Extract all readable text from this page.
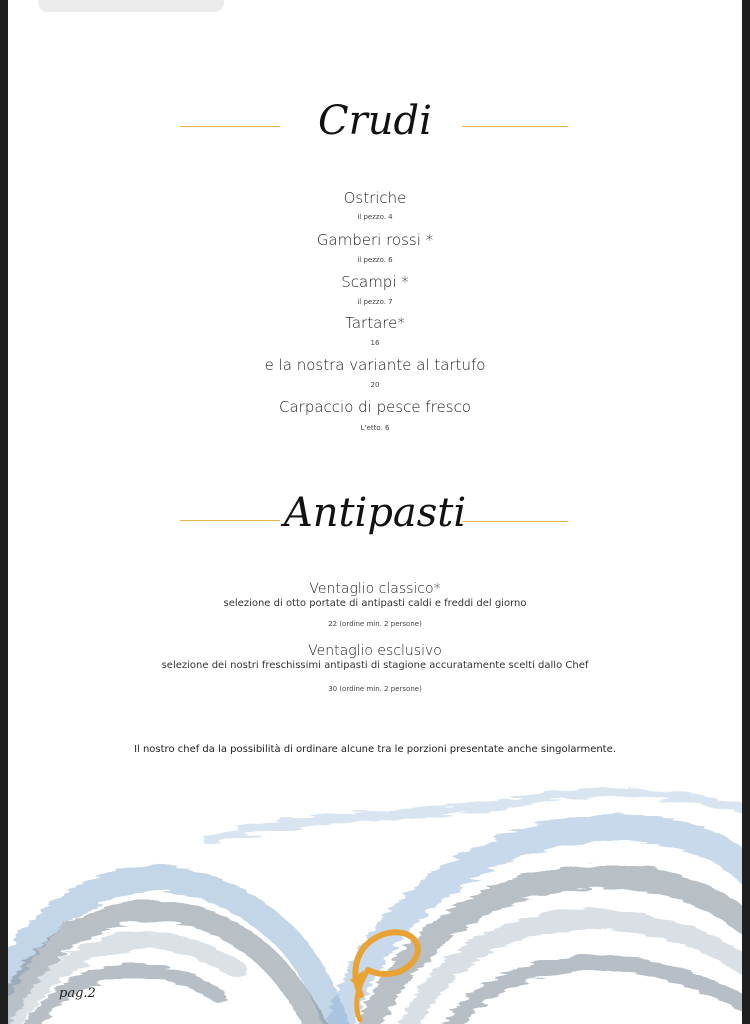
Crudi
Ostriche
il pezzo. 4
Gamberi rossi *
il pezzo. 6
Scampi *
il pezzo. 7
Tartare*
16
e la nostra variante al tartufo
20
Carpaccio di pesce fresco
L’etto. 6
Antipasti
Ventaglio classico*
selezione di otto portate di antipasti caldi e freddi del giorno
22 (ordine min. 2 persone)
Ventaglio esclusivo
selezione dei nostri freschissimi antipasti di stagione accuratamente scelti dallo Chef
30 (ordine min. 2 persone)
Il nostro chef da la possibilità di ordinare alcune tra le porzioni presentate anche singolarmente.
pag.2
